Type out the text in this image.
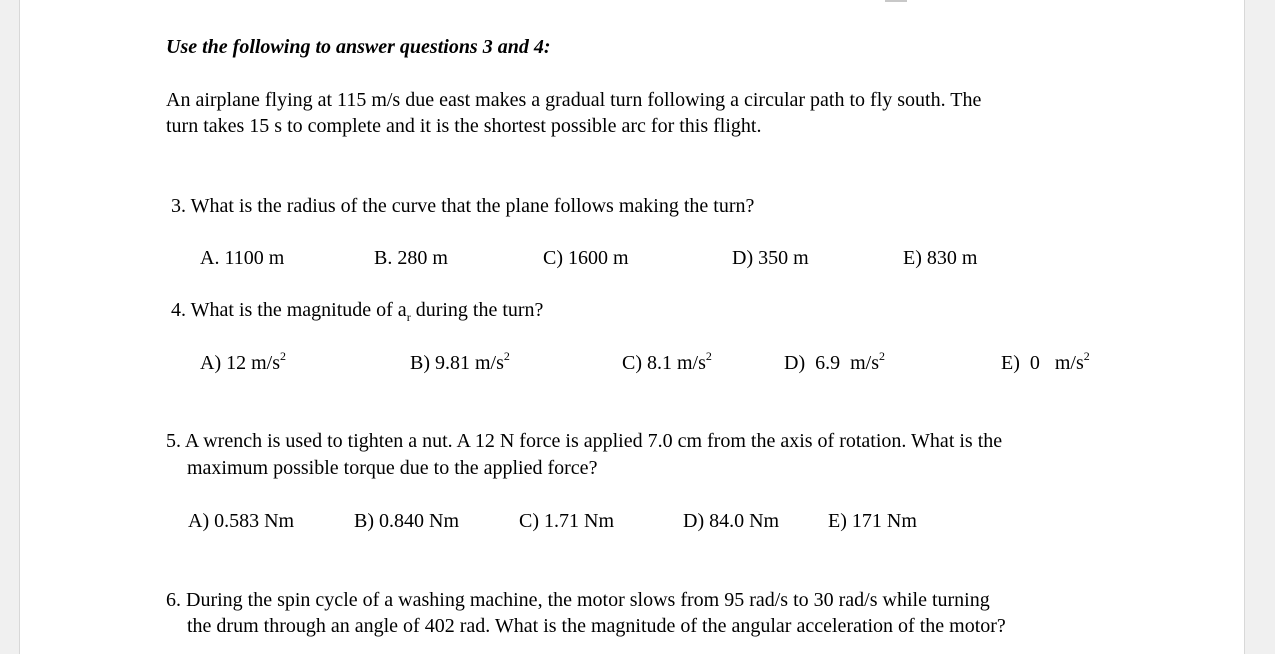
Use the following to answer questions 3 and 4:
An airplane flying at 115 m/s due east makes a gradual turn following a circular path to fly south. The
turn takes 15 s to complete and it is the shortest possible arc for this flight.
3. What is the radius of the curve that the plane follows making the turn?
A. 1100 m	B. 280 m	C) 1600 m	D) 350 m	E) 830 m
4. What is the magnitude of $a_r$ during the turn?
A) 12 $m/s^2$	B) 9.81 $m/s^2$	C) 8.1 $m/s^2$	D)  6.9  $m/s^2$	E)  0   $m/s^2$
5. A wrench is used to tighten a nut. A 12 N force is applied 7.0 cm from the axis of rotation. What is the
maximum possible torque due to the applied force?
A) 0.583 Nm	B) 0.840 Nm	C) 1.71 Nm	D) 84.0 Nm E) 171 Nm
6. During the spin cycle of a washing machine, the motor slows from 95 rad/s to 30 rad/s while turning
the drum through an angle of 402 rad. What is the magnitude of the angular acceleration of the motor?
